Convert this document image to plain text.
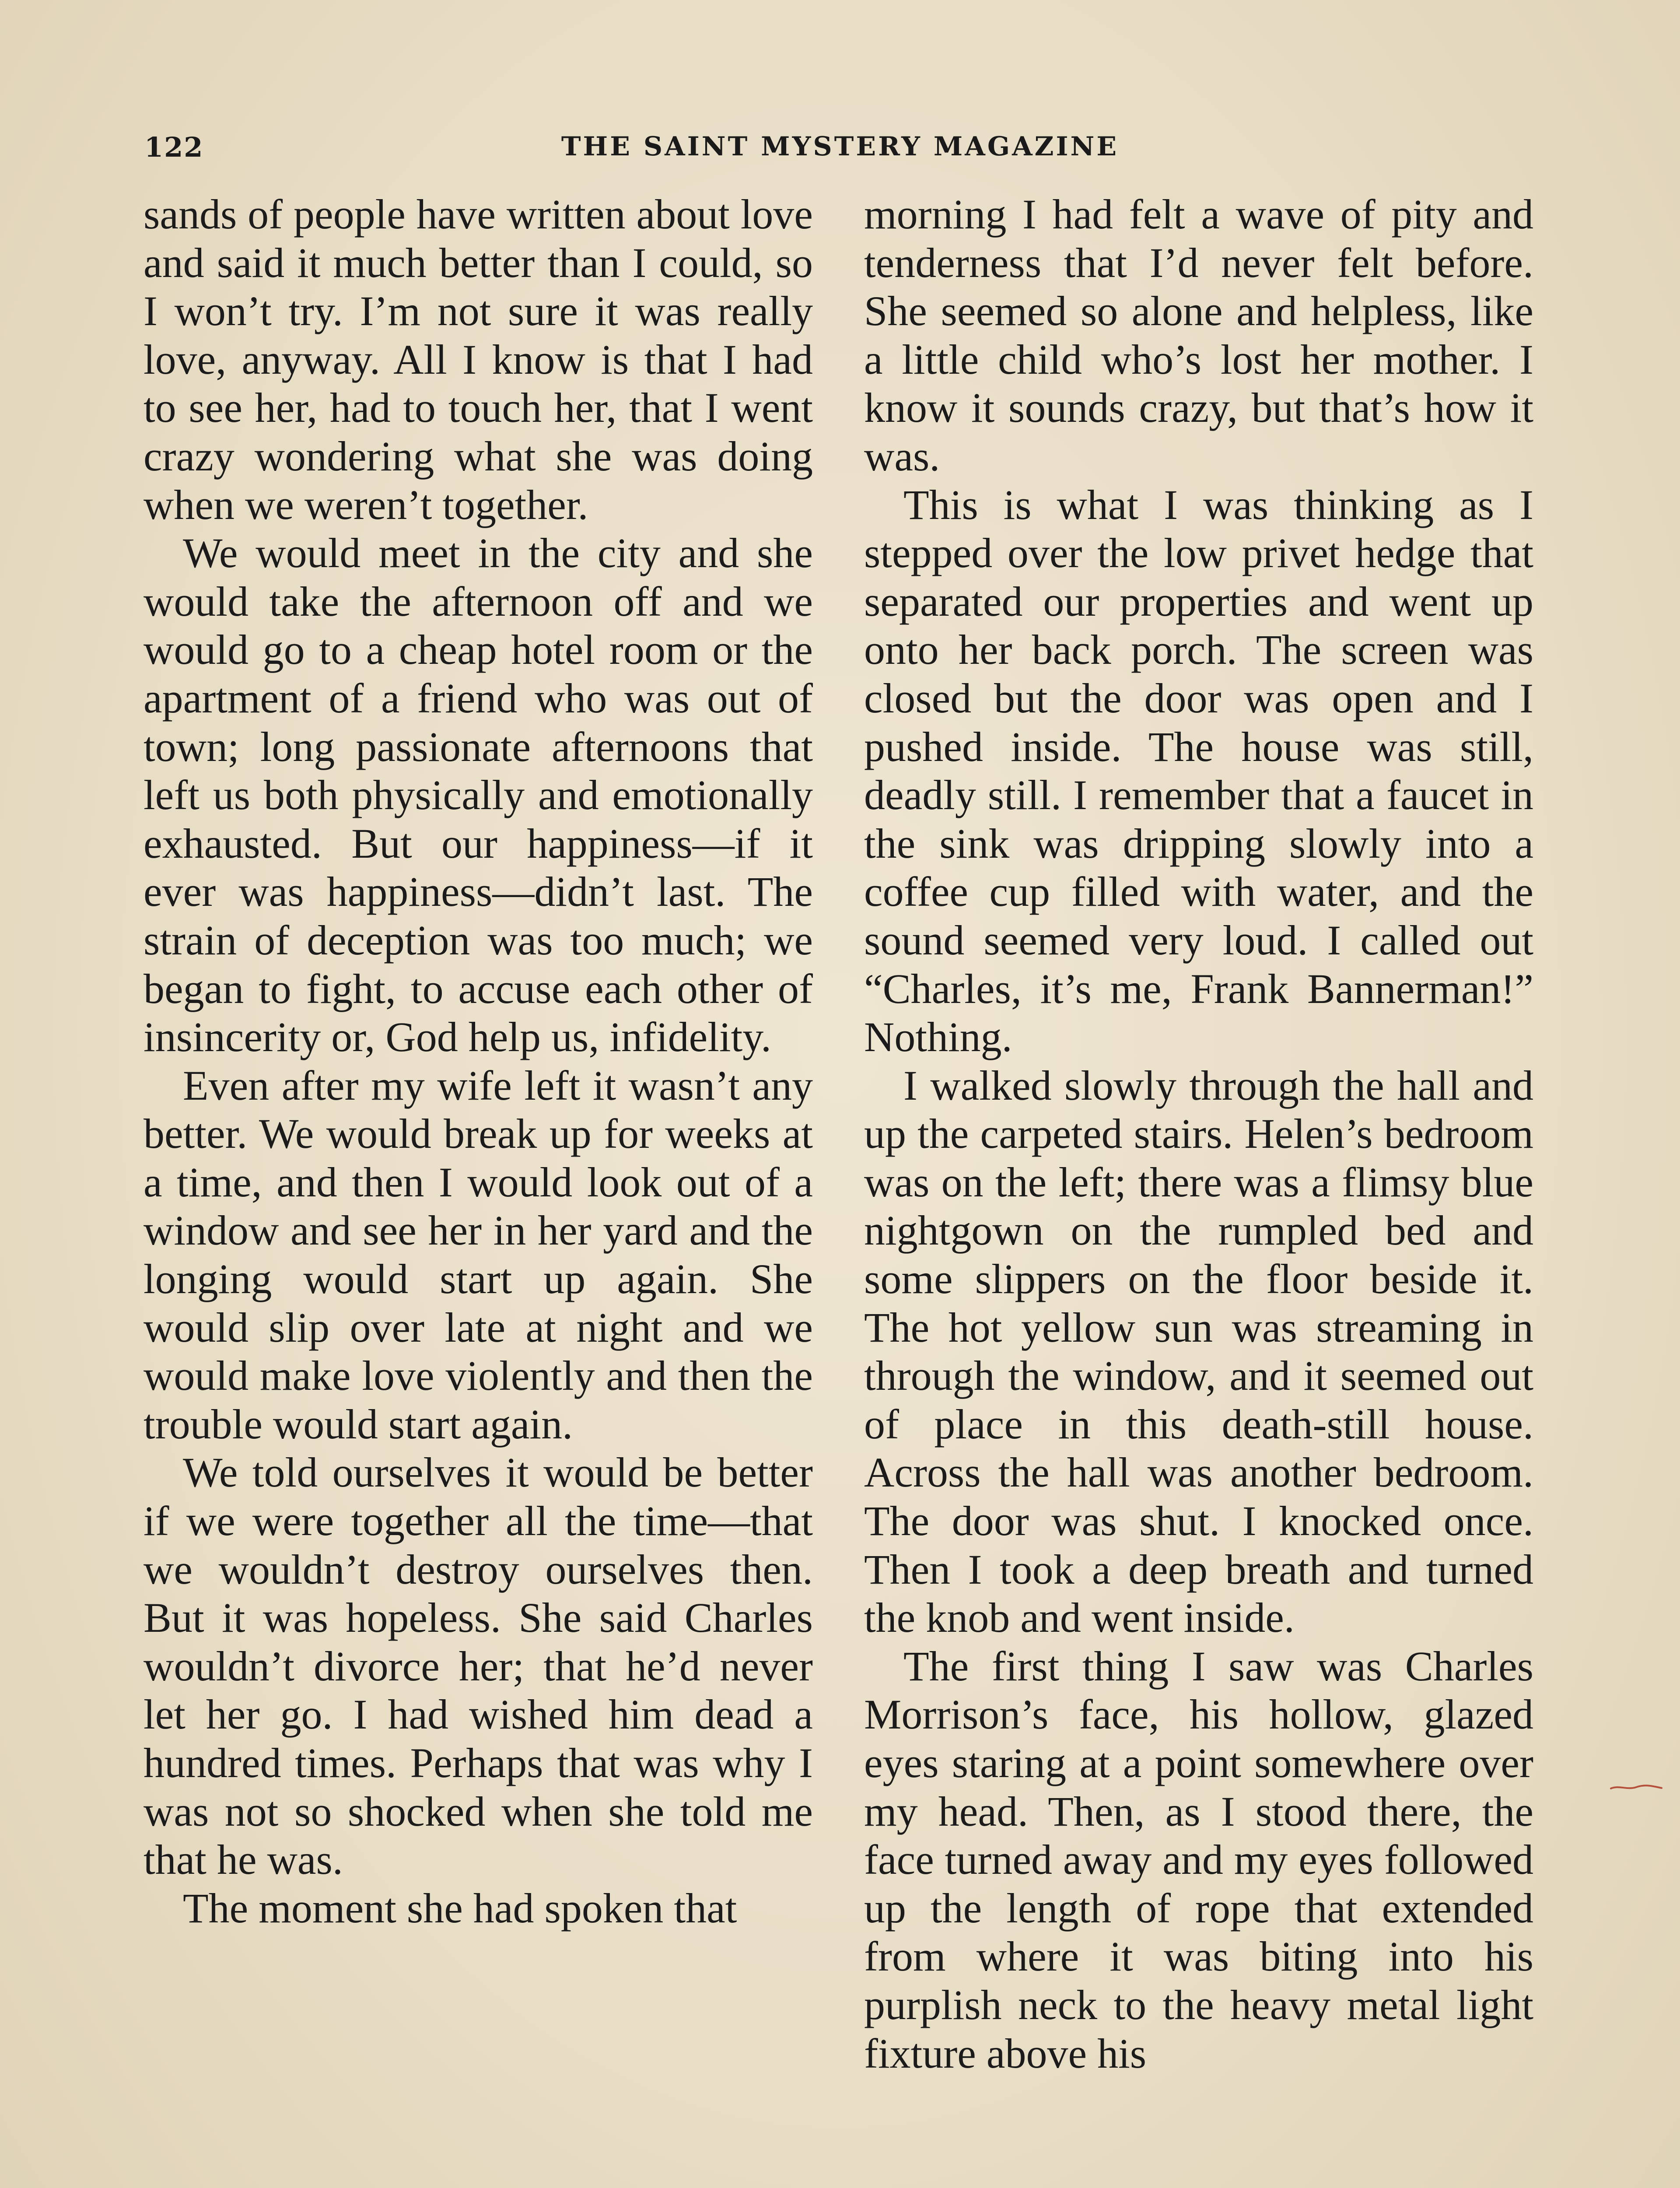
122	THE SAINT MYSTERY MAGAZINE

sands of people have written about love and said it much better than I could, so I won’t try. I’m not sure it was really love, anyway. All I know is that I had to see her, had to touch her, that I went crazy wondering what she was doing when we weren’t together.

We would meet in the city and she would take the afternoon off and we would go to a cheap hotel room or the apartment of a friend who was out of town; long passionate afternoons that left us both physically and emotionally exhausted. But our happiness—if it ever was happiness—didn’t last. The strain of deception was too much; we began to fight, to accuse each other of insincerity or, God help us, infidelity.

Even after my wife left it wasn’t any better. We would break up for weeks at a time, and then I would look out of a window and see her in her yard and the longing would start up again. She would slip over late at night and we would make love violently and then the trouble would start again.

We told ourselves it would be better if we were together all the time—that we wouldn’t destroy ourselves then. But it was hopeless. She said Charles wouldn’t divorce her; that he’d never let her go. I had wished him dead a hundred times. Perhaps that was why I was not so shocked when she told me that he was.

The moment she had spoken that

morning I had felt a wave of pity and tenderness that I’d never felt before. She seemed so alone and helpless, like a little child who’s lost her mother. I know it sounds crazy, but that’s how it was.

This is what I was thinking as I stepped over the low privet hedge that separated our properties and went up onto her back porch. The screen was closed but the door was open and I pushed inside. The house was still, deadly still. I remember that a faucet in the sink was dripping slowly into a coffee cup filled with water, and the sound seemed very loud. I called out “Charles, it’s me, Frank Bannerman!” Nothing.

I walked slowly through the hall and up the carpeted stairs. Helen’s bedroom was on the left; there was a flimsy blue nightgown on the rumpled bed and some slippers on the floor beside it. The hot yellow sun was streaming in through the window, and it seemed out of place in this death-still house. Across the hall was another bedroom. The door was shut. I knocked once. Then I took a deep breath and turned the knob and went inside.

The first thing I saw was Charles Morrison’s face, his hollow, glazed eyes staring at a point somewhere over my head. Then, as I stood there, the face turned away and my eyes followed up the length of rope that extended from where it was biting into his purplish neck to the heavy metal light fixture above his
